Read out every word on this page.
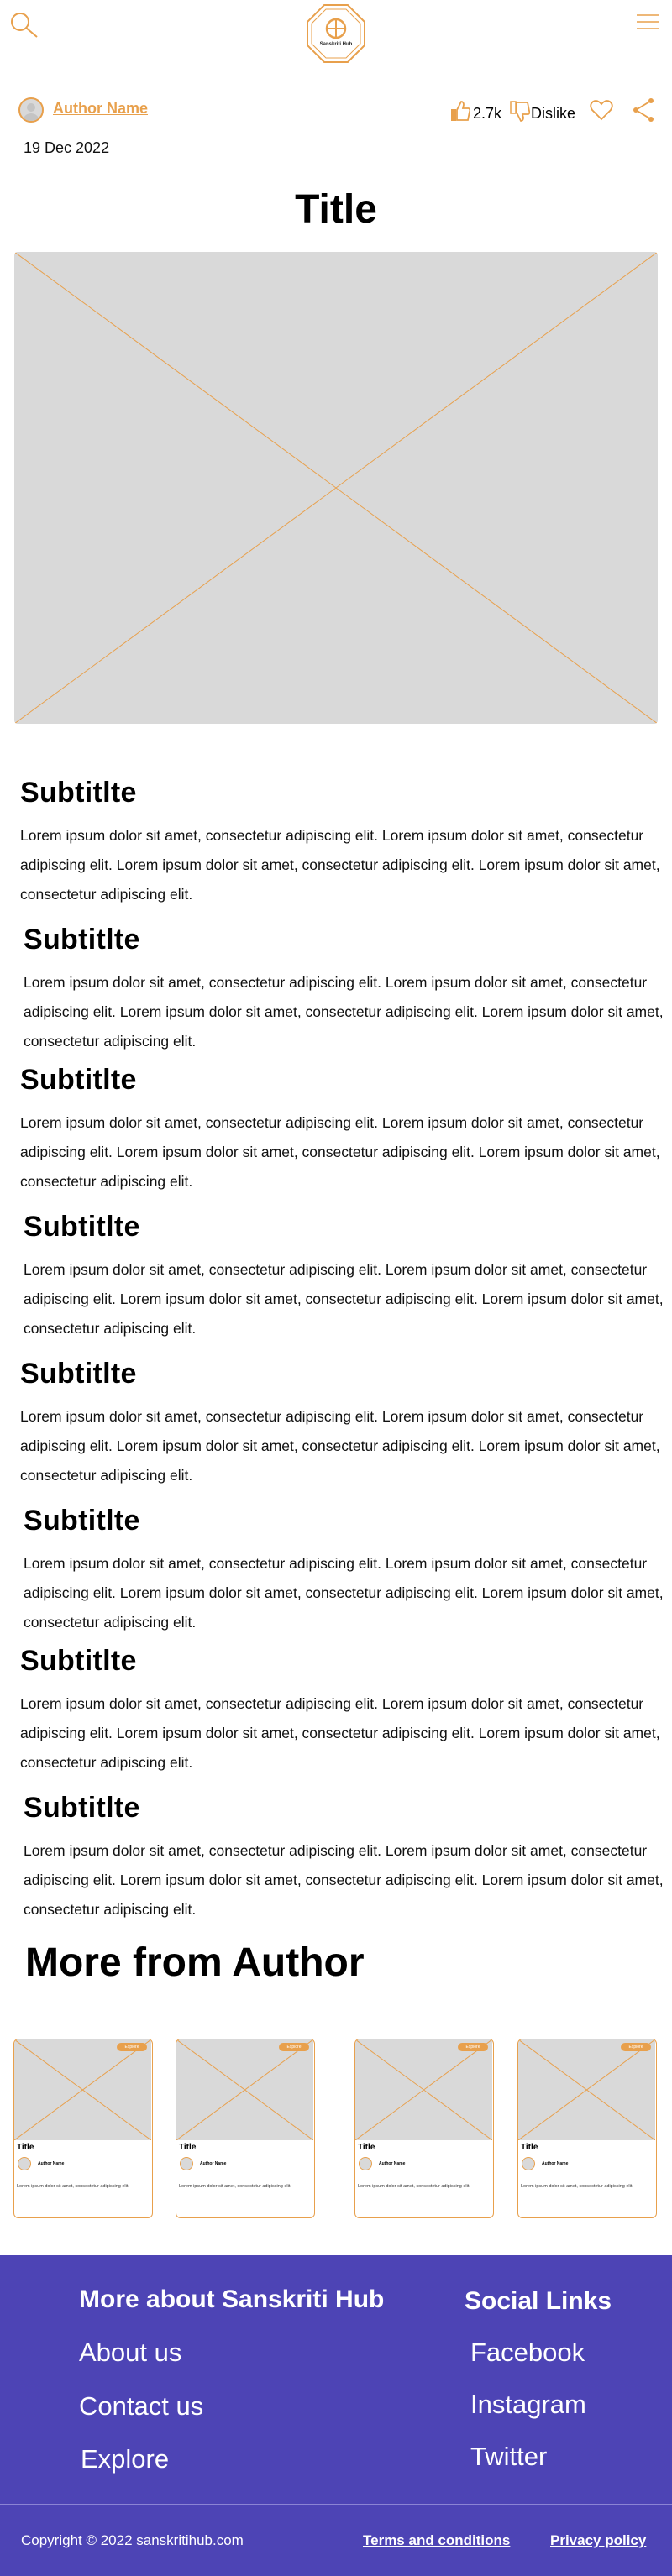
Sanskriti Hub
Author Name
19 Dec 2022
2.7k Dislike
Title
Subtitlte

Lorem ipsum dolor sit amet, consectetur adipiscing elit. Lorem ipsum dolor sit amet, consectetur adipiscing elit. Lorem ipsum dolor sit amet, consectetur adipiscing elit. Lorem ipsum dolor sit amet, consectetur adipiscing elit.

Subtitlte

Lorem ipsum dolor sit amet, consectetur adipiscing elit. Lorem ipsum dolor sit amet, consectetur adipiscing elit. Lorem ipsum dolor sit amet, consectetur adipiscing elit. Lorem ipsum dolor sit amet, consectetur adipiscing elit.

Subtitlte

Lorem ipsum dolor sit amet, consectetur adipiscing elit. Lorem ipsum dolor sit amet, consectetur adipiscing elit. Lorem ipsum dolor sit amet, consectetur adipiscing elit. Lorem ipsum dolor sit amet, consectetur adipiscing elit.

Subtitlte

Lorem ipsum dolor sit amet, consectetur adipiscing elit. Lorem ipsum dolor sit amet, consectetur adipiscing elit. Lorem ipsum dolor sit amet, consectetur adipiscing elit. Lorem ipsum dolor sit amet, consectetur adipiscing elit.

Subtitlte

Lorem ipsum dolor sit amet, consectetur adipiscing elit. Lorem ipsum dolor sit amet, consectetur adipiscing elit. Lorem ipsum dolor sit amet, consectetur adipiscing elit. Lorem ipsum dolor sit amet, consectetur adipiscing elit.

Subtitlte

Lorem ipsum dolor sit amet, consectetur adipiscing elit. Lorem ipsum dolor sit amet, consectetur adipiscing elit. Lorem ipsum dolor sit amet, consectetur adipiscing elit. Lorem ipsum dolor sit amet, consectetur adipiscing elit.

Subtitlte

Lorem ipsum dolor sit amet, consectetur adipiscing elit. Lorem ipsum dolor sit amet, consectetur adipiscing elit. Lorem ipsum dolor sit amet, consectetur adipiscing elit. Lorem ipsum dolor sit amet, consectetur adipiscing elit.

Subtitlte

Lorem ipsum dolor sit amet, consectetur adipiscing elit. Lorem ipsum dolor sit amet, consectetur adipiscing elit. Lorem ipsum dolor sit amet, consectetur adipiscing elit. Lorem ipsum dolor sit amet, consectetur adipiscing elit.

More from Author
Explore
Title
Author Name
Lorem ipsum dolor sit amet, consectetur adipiscing elit.
Explore
Title
Author Name
Lorem ipsum dolor sit amet, consectetur adipiscing elit.
Explore
Title
Author Name
Lorem ipsum dolor sit amet, consectetur adipiscing elit.
Explore
Title
Author Name
Lorem ipsum dolor sit amet, consectetur adipiscing elit.
More about Sanskriti Hub
About us
Contact us
Explore
Social Links
Facebook
Instagram
Twitter
Copyright © 2022 sanskritihub.com	Terms and conditions	Privacy policy
